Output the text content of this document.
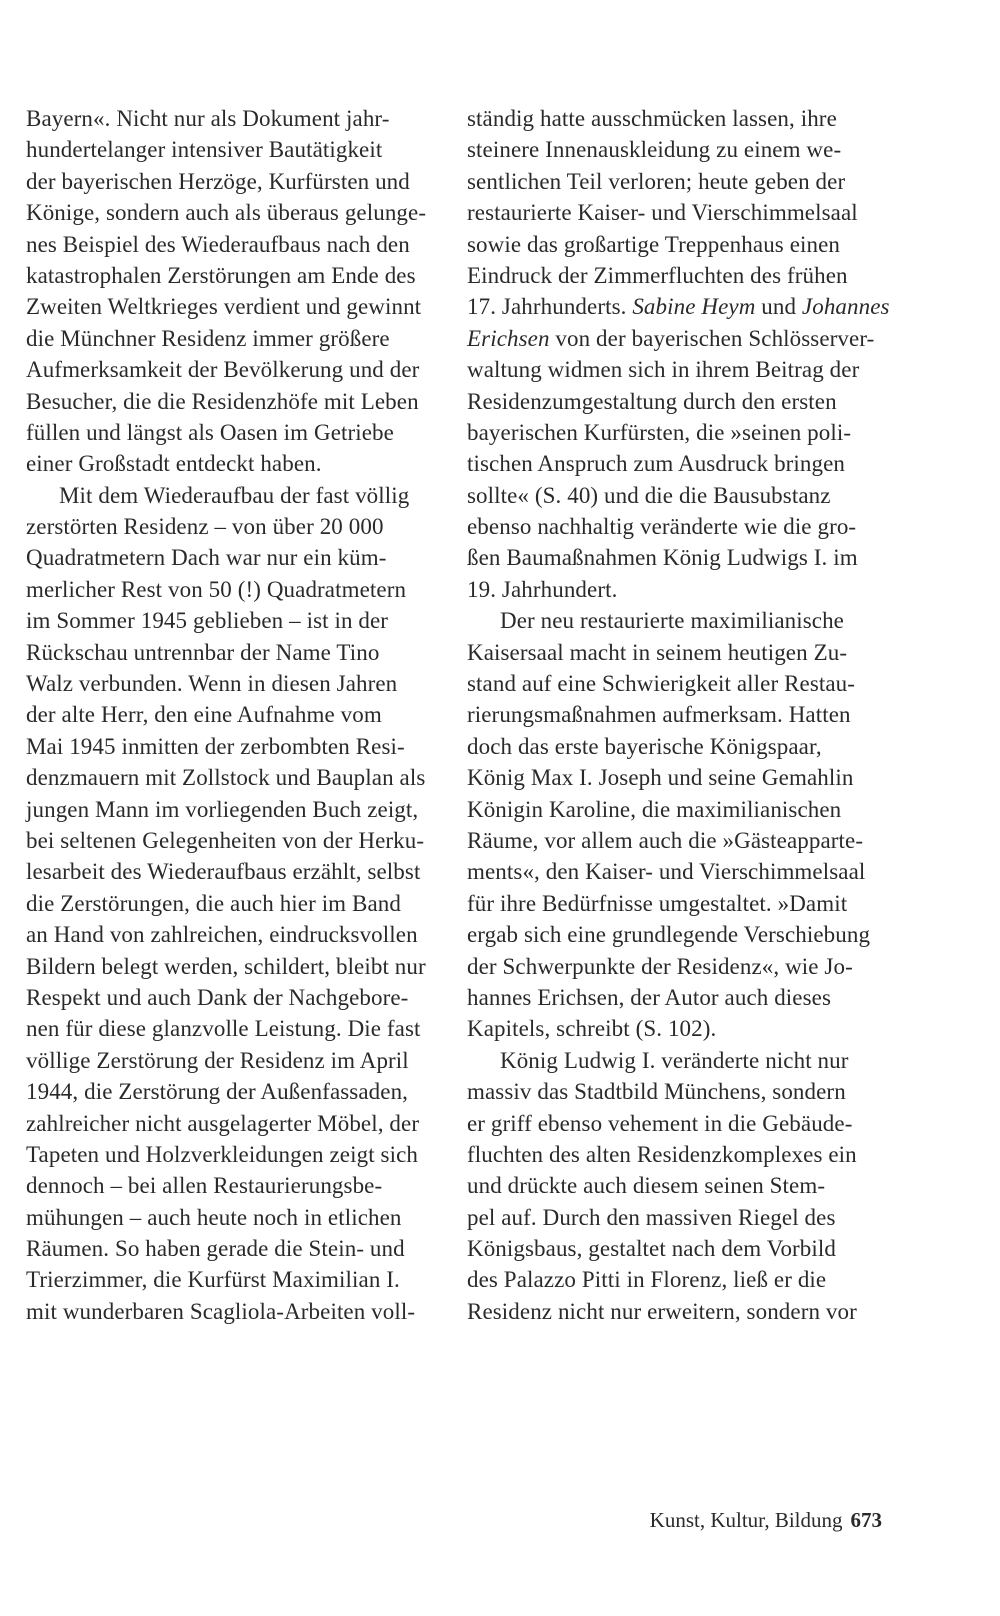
Bayern«. Nicht nur als Dokument jahr-
hundertelanger intensiver Bautätigkeit
der bayerischen Herzöge, Kurfürsten und
Könige, sondern auch als überaus gelunge-
nes Beispiel des Wiederaufbaus nach den
katastrophalen Zerstörungen am Ende des
Zweiten Weltkrieges verdient und gewinnt
die Münchner Residenz immer größere
Aufmerksamkeit der Bevölkerung und der
Besucher, die die Residenzhöfe mit Leben
füllen und längst als Oasen im Getriebe
einer Großstadt entdeckt haben.
Mit dem Wiederaufbau der fast völlig
zerstörten Residenz – von über 20 000
Quadratmetern Dach war nur ein küm-
merlicher Rest von 50 (!) Quadratmetern
im Sommer 1945 geblieben – ist in der
Rückschau untrennbar der Name Tino
Walz verbunden. Wenn in diesen Jahren
der alte Herr, den eine Aufnahme vom
Mai 1945 inmitten der zerbombten Resi-
denzmauern mit Zollstock und Bauplan als
jungen Mann im vorliegenden Buch zeigt,
bei seltenen Gelegenheiten von der Herku-
lesarbeit des Wiederaufbaus erzählt, selbst
die Zerstörungen, die auch hier im Band
an Hand von zahlreichen, eindrucksvollen
Bildern belegt werden, schildert, bleibt nur
Respekt und auch Dank der Nachgebore-
nen für diese glanzvolle Leistung. Die fast
völlige Zerstörung der Residenz im April
1944, die Zerstörung der Außenfassaden,
zahlreicher nicht ausgelagerter Möbel, der
Tapeten und Holzverkleidungen zeigt sich
dennoch – bei allen Restaurierungsbe-
mühungen – auch heute noch in etlichen
Räumen. So haben gerade die Stein- und
Trierzimmer, die Kurfürst Maximilian I.
mit wunderbaren Scagliola-Arbeiten voll-
ständig hatte ausschmücken lassen, ihre
steinere Innenauskleidung zu einem we-
sentlichen Teil verloren; heute geben der
restaurierte Kaiser- und Vierschimmelsaal
sowie das großartige Treppenhaus einen
Eindruck der Zimmerfluchten des frühen
17. Jahrhunderts. Sabine Heym und Johannes
Erichsen von der bayerischen Schlösserver-
waltung widmen sich in ihrem Beitrag der
Residenzumgestaltung durch den ersten
bayerischen Kurfürsten, die »seinen poli-
tischen Anspruch zum Ausdruck bringen
sollte« (S. 40) und die die Bausubstanz
ebenso nachhaltig veränderte wie die gro-
ßen Baumaßnahmen König Ludwigs I. im
19. Jahrhundert.
Der neu restaurierte maximilianische
Kaisersaal macht in seinem heutigen Zu-
stand auf eine Schwierigkeit aller Restau-
rierungsmaßnahmen aufmerksam. Hatten
doch das erste bayerische Königspaar,
König Max I. Joseph und seine Gemahlin
Königin Karoline, die maximilianischen
Räume, vor allem auch die »Gästeapparte-
ments«, den Kaiser- und Vierschimmelsaal
für ihre Bedürfnisse umgestaltet. »Damit
ergab sich eine grundlegende Verschiebung
der Schwerpunkte der Residenz«, wie Jo-
hannes Erichsen, der Autor auch dieses
Kapitels, schreibt (S. 102).
König Ludwig I. veränderte nicht nur
massiv das Stadtbild Münchens, sondern
er griff ebenso vehement in die Gebäude-
fluchten des alten Residenzkomplexes ein
und drückte auch diesem seinen Stem-
pel auf. Durch den massiven Riegel des
Königsbaus, gestaltet nach dem Vorbild
des Palazzo Pitti in Florenz, ließ er die
Residenz nicht nur erweitern, sondern vor
Kunst, Kultur, Bildung 673
